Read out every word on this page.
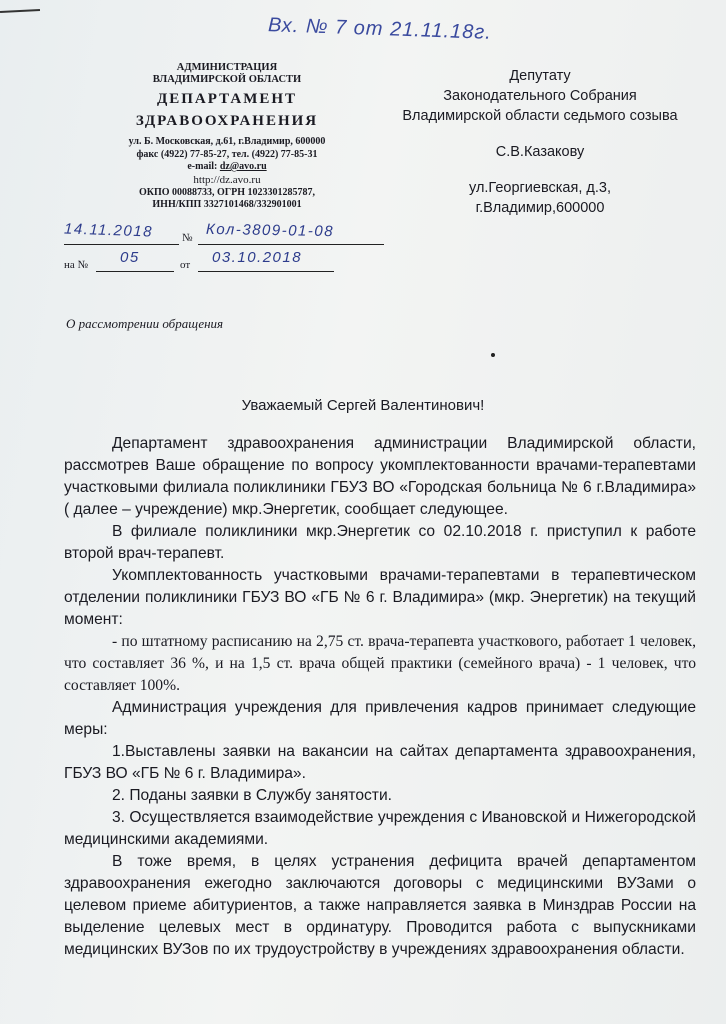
Вх. № 7 от 21.11.18г.
АДМИНИСТРАЦИЯ
ВЛАДИМИРСКОЙ ОБЛАСТИ
ДЕПАРТАМЕНТ
ЗДРАВООХРАНЕНИЯ
ул. Б. Московская, д.61, г.Владимир, 600000
факс (4922) 77-85-27, тел. (4922) 77-85-31
e-mail: dz@avo.ru
http://dz.avo.ru
ОКПО 00088733, ОГРН 1023301285787,
ИНН/КПП 3327101468/332901001
14.11.2018	№ Кол-3809-01-08
на № 05	от 03.10.2018
О рассмотрении обращения
Депутату
Законодательного Собрания
Владимирской области седьмого созыва
С.В.Казакову
ул.Георгиевская, д.3,
г.Владимир,600000
Уважаемый Сергей Валентинович!

Департамент здравоохранения администрации Владимирской области, рассмотрев Ваше обращение по вопросу укомплектованности врачами-терапевтами участковыми филиала поликлиники ГБУЗ ВО «Городская больница № 6 г.Владимира» ( далее – учреждение) мкр.Энергетик, сообщает следующее.

В филиале поликлиники мкр.Энергетик со 02.10.2018 г. приступил к работе второй врач-терапевт.

Укомплектованность участковыми врачами-терапевтами в терапевтическом отделении поликлиники ГБУЗ ВО «ГБ № 6 г. Владимира» (мкр. Энергетик) на текущий момент:

- по штатному расписанию на 2,75 ст. врача-терапевта участкового, работает 1 человек, что составляет 36 %, и на 1,5 ст. врача общей практики (семейного врача) - 1 человек, что составляет 100%.

Администрация учреждения для привлечения кадров принимает следующие меры:

1.Выставлены заявки на вакансии на сайтах департамента здравоохранения, ГБУЗ ВО «ГБ № 6 г. Владимира».

2. Поданы заявки в Службу занятости.

3. Осуществляется взаимодействие учреждения с Ивановской и Нижегородской медицинскими академиями.

В тоже время, в целях устранения дефицита врачей департаментом здравоохранения ежегодно заключаются договоры с медицинскими ВУЗами о целевом приеме абитуриентов, а также направляется заявка в Минздрав России на выделение целевых мест в ординатуру. Проводится работа с выпускниками медицинских ВУЗов по их трудоустройству в учреждениях здравоохранения области.
